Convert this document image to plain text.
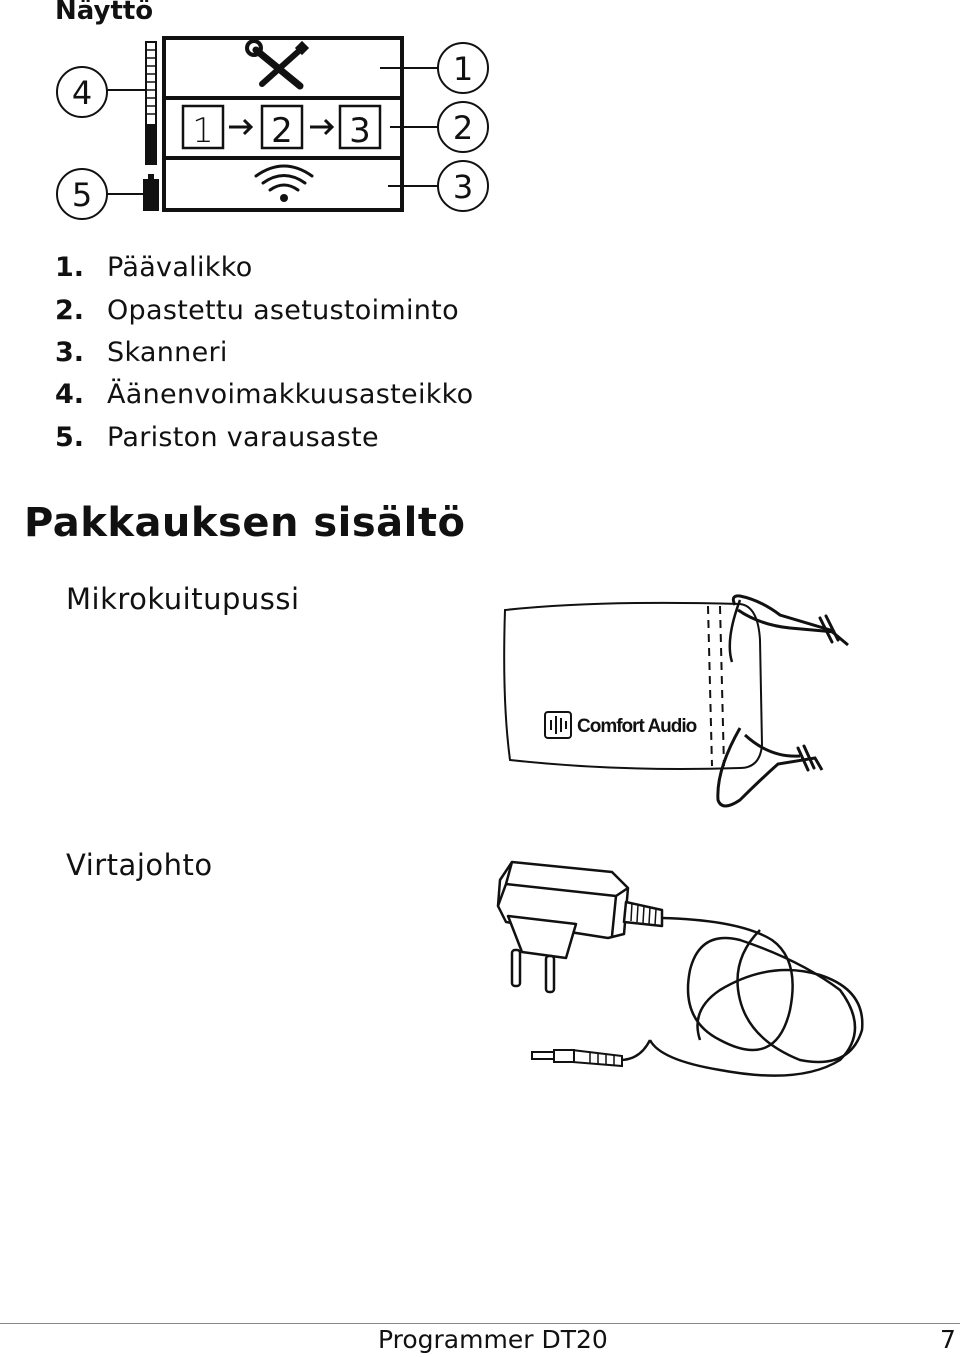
Näyttö
1 2 3
4
5
1
2
3
1. Päävalikko
2. Opastettu asetustoiminto
3. Skanneri
4. Äänenvoimakkuusasteikko
5. Pariston varausaste
Pakkauksen sisältö
Mikrokuitupussi
Comfort Audio
Virtajohto
Programmer DT20	7
